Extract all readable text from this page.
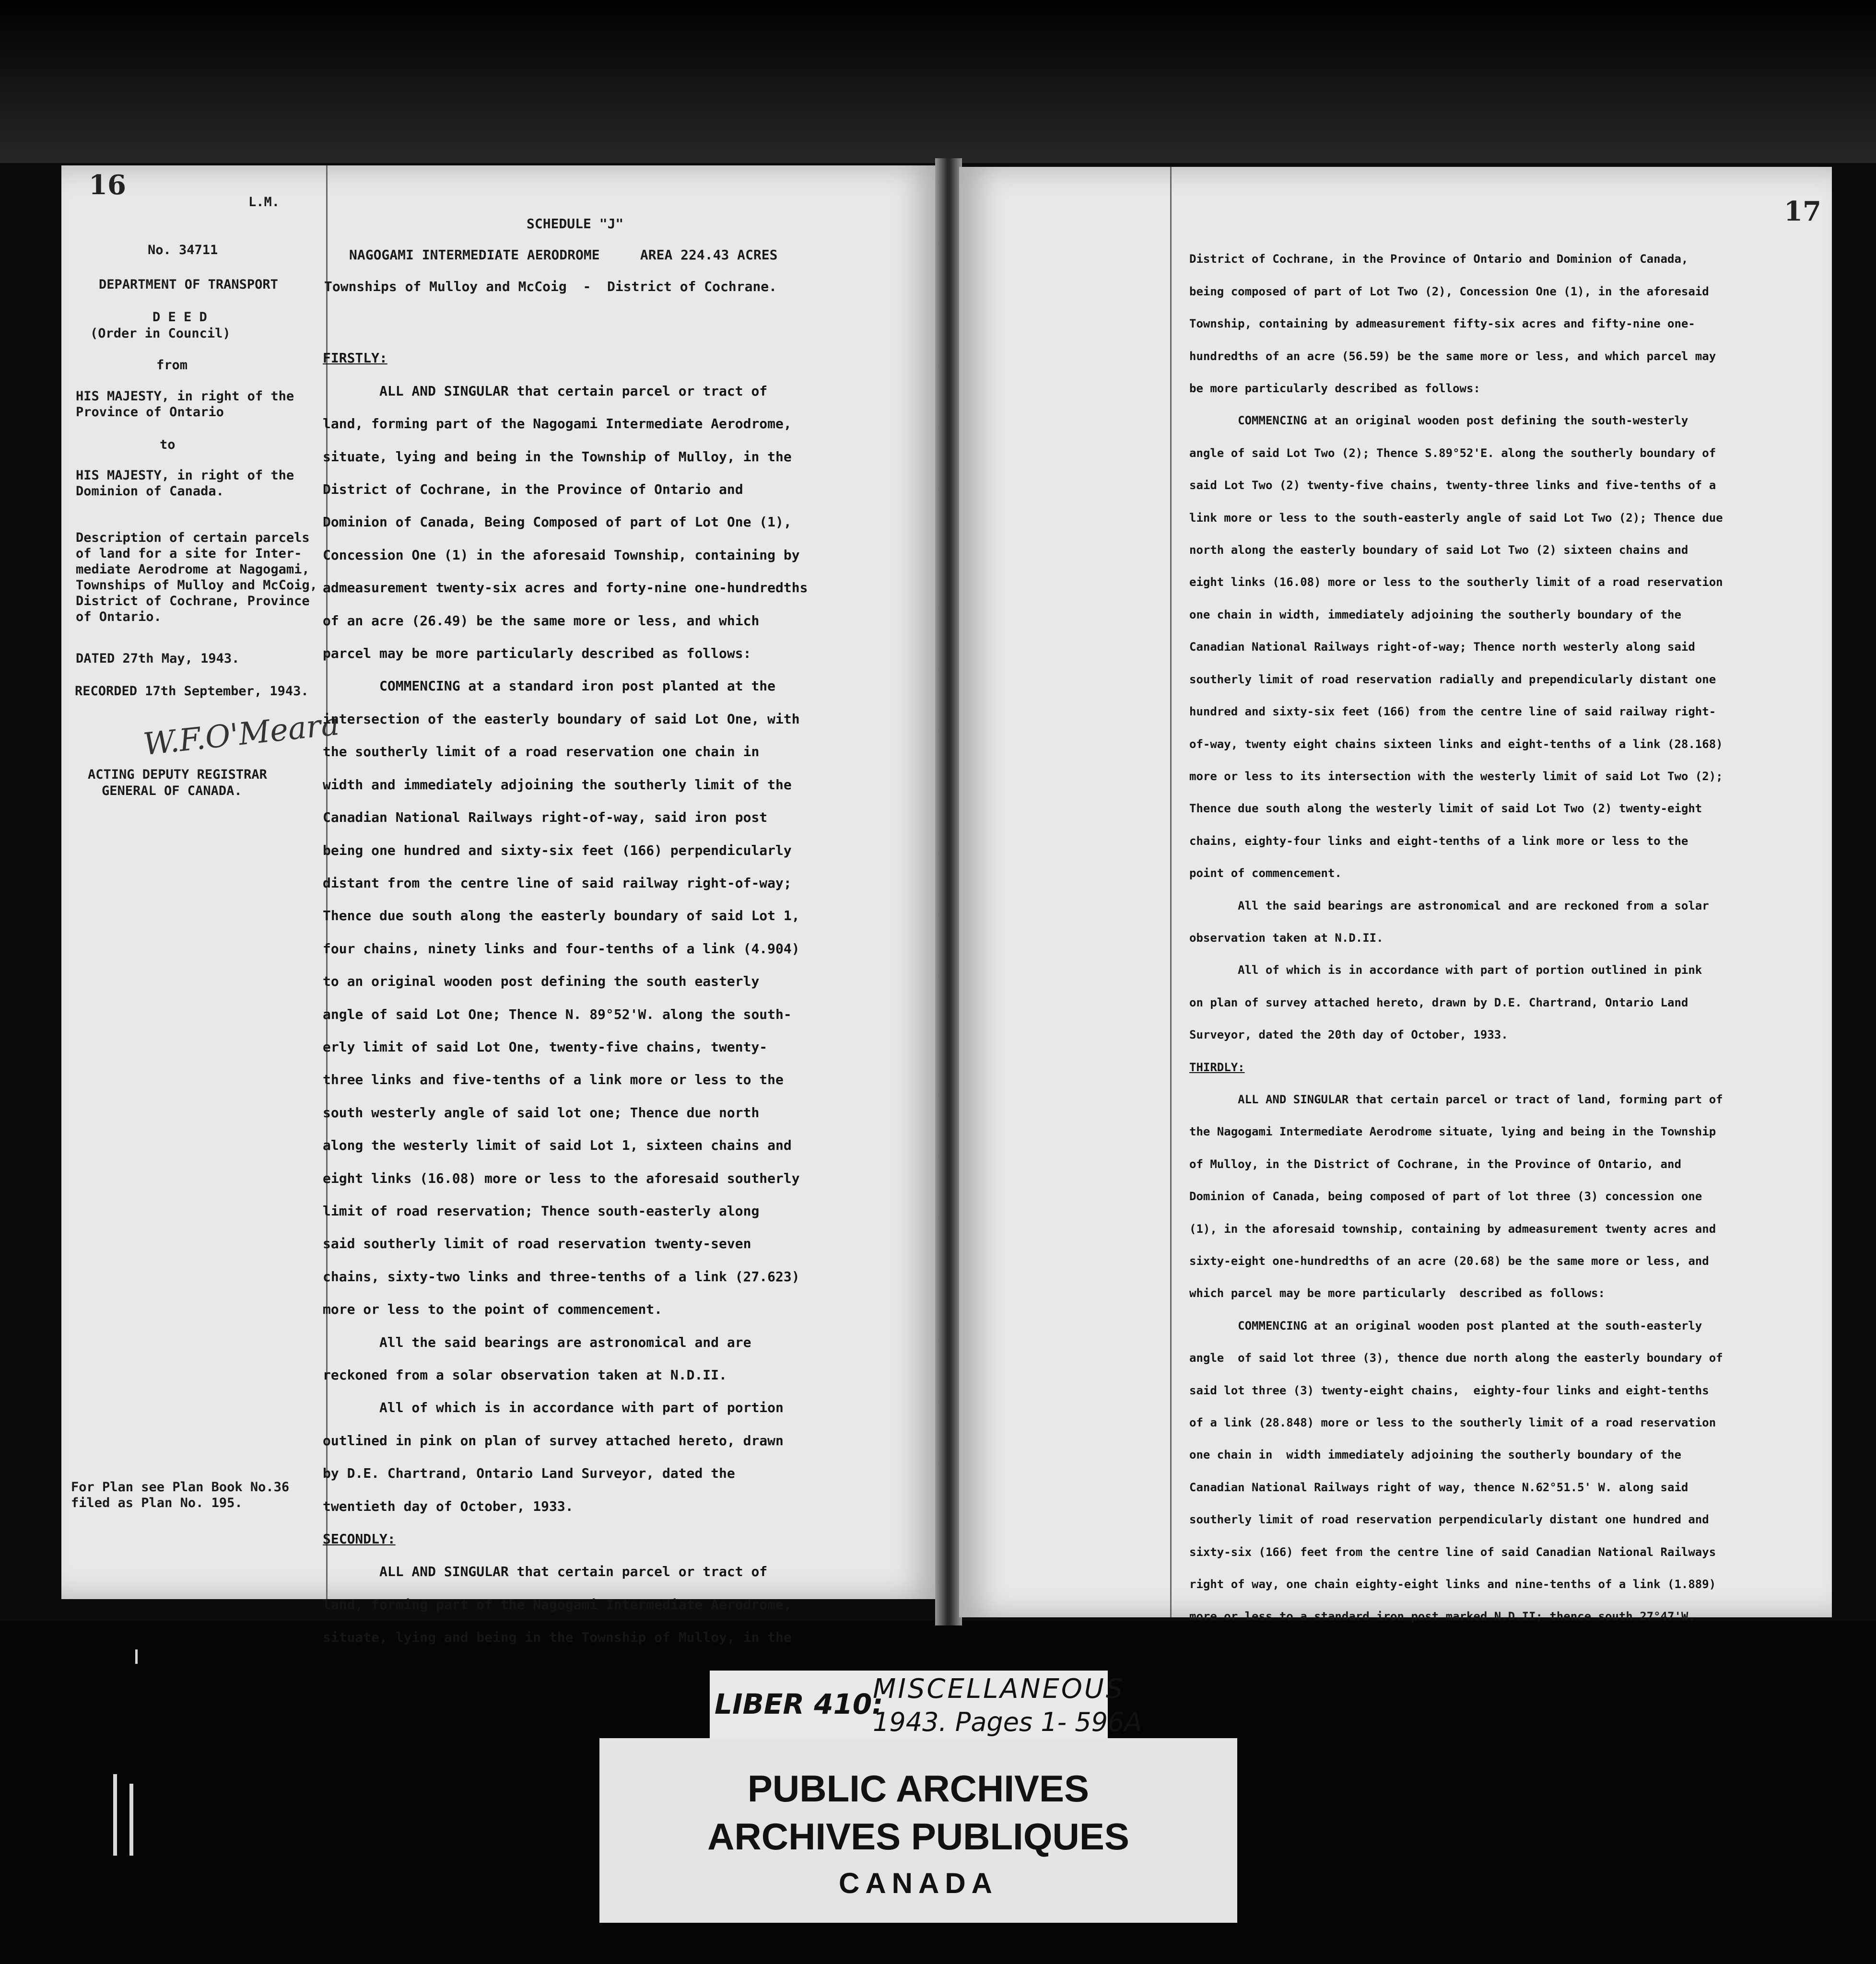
16
L.M.
No. 34711
DEPARTMENT OF TRANSPORT
D E E D
(Order in Council)
from
HIS MAJESTY, in right of the
Province of Ontario
to
HIS MAJESTY, in right of the
Dominion of Canada.
Description of certain parcels
of land for a site for Inter-
mediate Aerodrome at Nagogami,
Townships of Mulloy and McCoig,
District of Cochrane, Province
of Ontario.
DATED 27th May, 1943.
RECORDED 17th September, 1943.
ACTING DEPUTY REGISTRAR
GENERAL OF CANADA.
For Plan see Plan Book No.36
filed as Plan No. 195.
W.F.O'Meara
SCHEDULE "J"
NAGOGAMI INTERMEDIATE AERODROME     AREA 224.43 ACRES
Townships of Mulloy and McCoig  -  District of Cochrane.

FIRSTLY:
ALL AND SINGULAR that certain parcel or tract of
land, forming part of the Nagogami Intermediate Aerodrome,
situate, lying and being in the Township of Mulloy, in the
District of Cochrane, in the Province of Ontario and
Dominion of Canada, Being Composed of part of Lot One (1),
Concession One (1) in the aforesaid Township, containing by
admeasurement twenty-six acres and forty-nine one-hundredths
of an acre (26.49) be the same more or less, and which
parcel may be more particularly described as follows:
COMMENCING at a standard iron post planted at the
intersection of the easterly boundary of said Lot One, with
the southerly limit of a road reservation one chain in
width and immediately adjoining the southerly limit of the
Canadian National Railways right-of-way, said iron post
being one hundred and sixty-six feet (166) perpendicularly
distant from the centre line of said railway right-of-way;
Thence due south along the easterly boundary of said Lot 1,
four chains, ninety links and four-tenths of a link (4.904)
to an original wooden post defining the south easterly
angle of said Lot One; Thence N. 89°52'W. along the south-
erly limit of said Lot One, twenty-five chains, twenty-
three links and five-tenths of a link more or less to the
south westerly angle of said lot one; Thence due north
along the westerly limit of said Lot 1, sixteen chains and
eight links (16.08) more or less to the aforesaid southerly
limit of road reservation; Thence south-easterly along
said southerly limit of road reservation twenty-seven
chains, sixty-two links and three-tenths of a link (27.623)
more or less to the point of commencement.
All the said bearings are astronomical and are
reckoned from a solar observation taken at N.D.II.
All of which is in accordance with part of portion
outlined in pink on plan of survey attached hereto, drawn
by D.E. Chartrand, Ontario Land Surveyor, dated the
twentieth day of October, 1933.
SECONDLY:
ALL AND SINGULAR that certain parcel or tract of
land, forming part of the Nagogami Intermediate Aerodrome,
situate, lying and being in the Township of Mulloy, in the
17

District of Cochrane, in the Province of Ontario and Dominion of Canada,
being composed of part of Lot Two (2), Concession One (1), in the aforesaid
Township, containing by admeasurement fifty-six acres and fifty-nine one-
hundredths of an acre (56.59) be the same more or less, and which parcel may
be more particularly described as follows:
COMMENCING at an original wooden post defining the south-westerly
angle of said Lot Two (2); Thence S.89°52'E. along the southerly boundary of
said Lot Two (2) twenty-five chains, twenty-three links and five-tenths of a
link more or less to the south-easterly angle of said Lot Two (2); Thence due
north along the easterly boundary of said Lot Two (2) sixteen chains and
eight links (16.08) more or less to the southerly limit of a road reservation
one chain in width, immediately adjoining the southerly boundary of the
Canadian National Railways right-of-way; Thence north westerly along said
southerly limit of road reservation radially and prependicularly distant one
hundred and sixty-six feet (166) from the centre line of said railway right-
of-way, twenty eight chains sixteen links and eight-tenths of a link (28.168)
more or less to its intersection with the westerly limit of said Lot Two (2);
Thence due south along the westerly limit of said Lot Two (2) twenty-eight
chains, eighty-four links and eight-tenths of a link more or less to the
point of commencement.
All the said bearings are astronomical and are reckoned from a solar
observation taken at N.D.II.
All of which is in accordance with part of portion outlined in pink
on plan of survey attached hereto, drawn by D.E. Chartrand, Ontario Land
Surveyor, dated the 20th day of October, 1933.
THIRDLY:
ALL AND SINGULAR that certain parcel or tract of land, forming part of
the Nagogami Intermediate Aerodrome situate, lying and being in the Township
of Mulloy, in the District of Cochrane, in the Province of Ontario, and
Dominion of Canada, being composed of part of lot three (3) concession one
(1), in the aforesaid township, containing by admeasurement twenty acres and
sixty-eight one-hundredths of an acre (20.68) be the same more or less, and
which parcel may be more particularly  described as follows:
COMMENCING at an original wooden post planted at the south-easterly
angle  of said lot three (3), thence due north along the easterly boundary of
said lot three (3) twenty-eight chains,  eighty-four links and eight-tenths
of a link (28.848) more or less to the southerly limit of a road reservation
one chain in  width immediately adjoining the southerly boundary of the
Canadian National Railways right of way, thence N.62°51.5' W. along said
southerly limit of road reservation perpendicularly distant one hundred and
sixty-six (166) feet from the centre line of said Canadian National Railways
right of way, one chain eighty-eight links and nine-tenths of a link (1.889)
more or less to a standard iron post marked N.D.II; thence south 27°47'W.
LIBER 410:
MISCELLANEOUS
1943. Pages 1- 596A
PUBLIC ARCHIVES
ARCHIVES PUBLIQUES
CANADA
